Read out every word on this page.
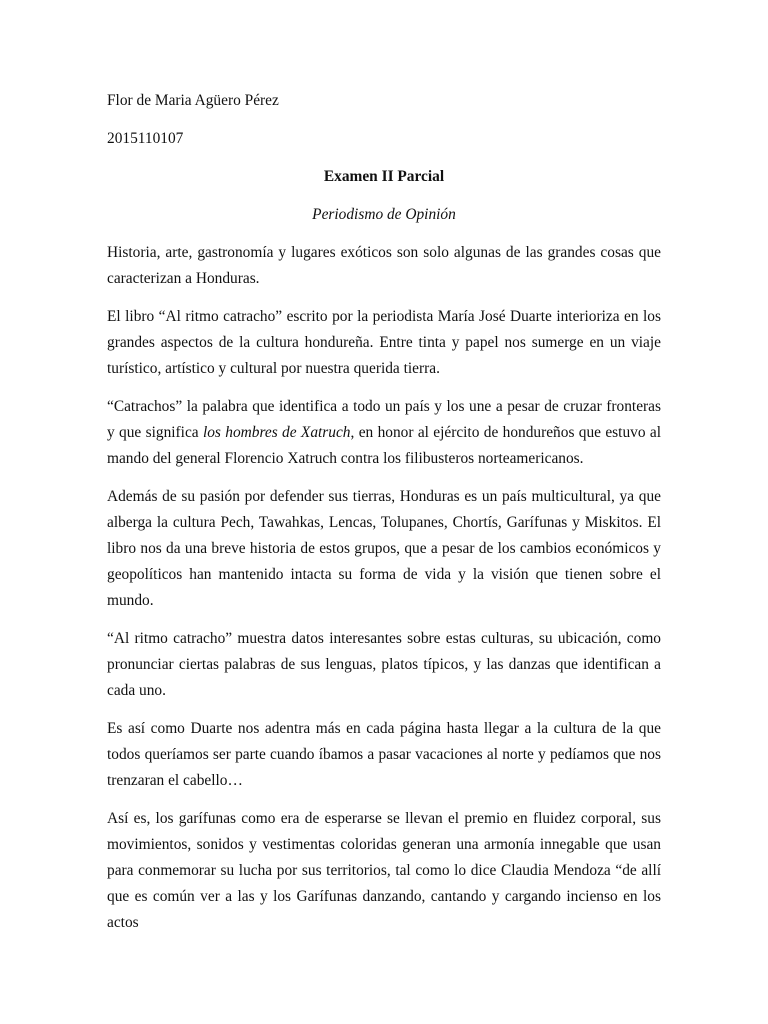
Flor de Maria Agüero Pérez

2015110107

Examen II Parcial

Periodismo de Opinión

Historia, arte, gastronomía y lugares exóticos son solo algunas de las grandes cosas que caracterizan a Honduras.

El libro “Al ritmo catracho” escrito por la periodista María José Duarte interioriza en los grandes aspectos de la cultura hondureña. Entre tinta y papel nos sumerge en un viaje turístico, artístico y cultural por nuestra querida tierra.

“Catrachos” la palabra que identifica a todo un país y los une a pesar de cruzar fronteras y que significa los hombres de Xatruch, en honor al ejército de hondureños que estuvo al mando del general Florencio Xatruch contra los filibusteros norteamericanos.

Además de su pasión por defender sus tierras, Honduras es un país multicultural, ya que alberga la cultura Pech, Tawahkas, Lencas, Tolupanes, Chortís, Garífunas y Miskitos. El libro nos da una breve historia de estos grupos, que a pesar de los cambios económicos y geopolíticos han mantenido intacta su forma de vida y la visión que tienen sobre el mundo.

“Al ritmo catracho” muestra datos interesantes sobre estas culturas, su ubicación, como pronunciar ciertas palabras de sus lenguas, platos típicos, y las danzas que identifican a cada uno.

Es así como Duarte nos adentra más en cada página hasta llegar a la cultura de la que todos queríamos ser parte cuando íbamos a pasar vacaciones al norte y pedíamos que nos trenzaran el cabello…

Así es, los garífunas como era de esperarse se llevan el premio en fluidez corporal, sus movimientos, sonidos y vestimentas coloridas generan una armonía innegable que usan para conmemorar su lucha por sus territorios, tal como lo dice Claudia Mendoza “de allí que es común ver a las y los Garífunas danzando, cantando y cargando incienso en los actos
